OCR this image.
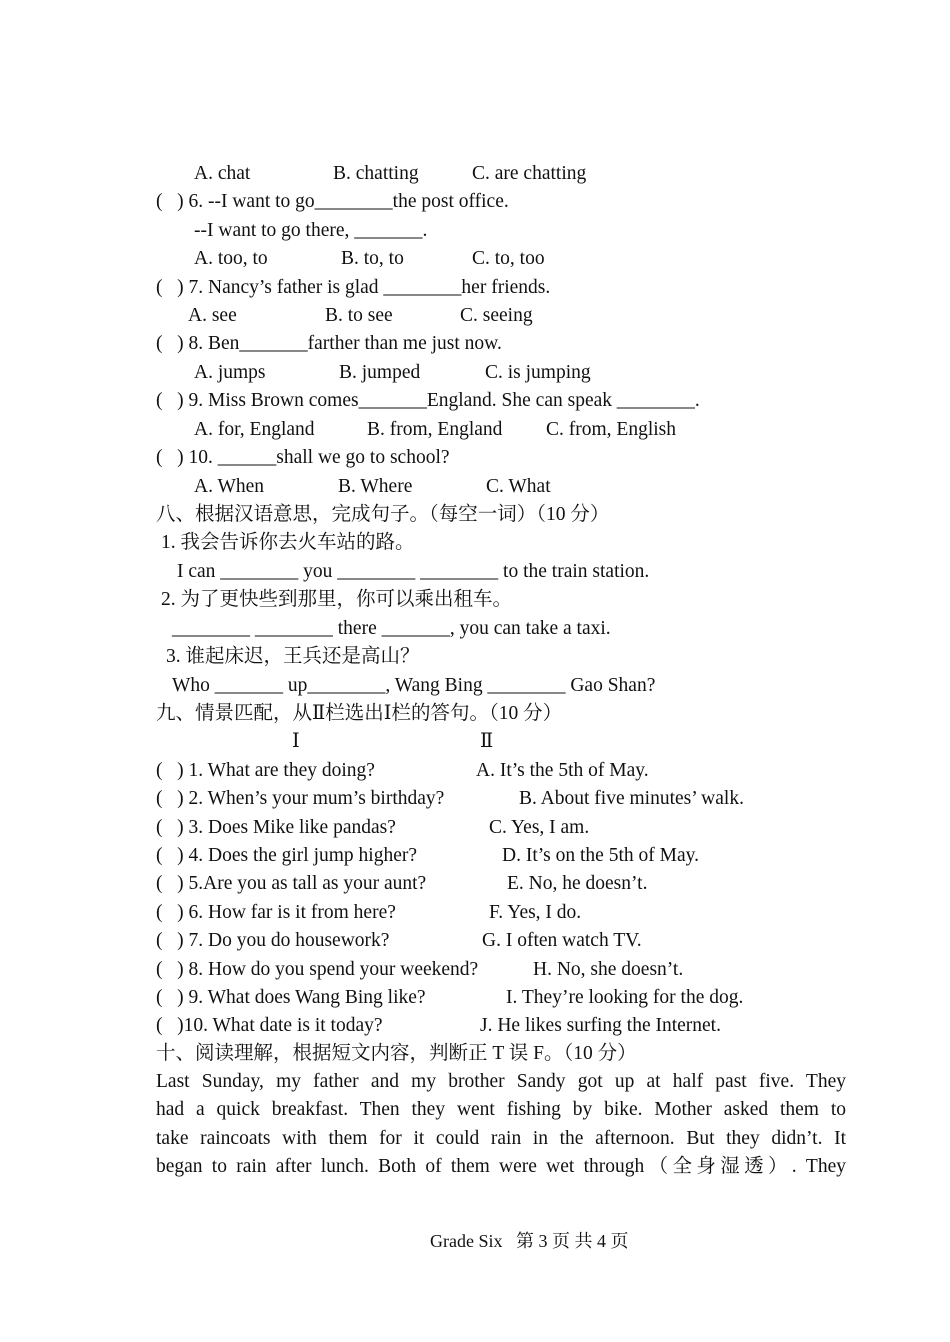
A. chat	B. chatting	C. are chatting
(   ) 6. --I want to go________the post office.
--I want to go there, _______.
A. too, to	B. to, to	C. to, too
(   ) 7. Nancy’s father is glad ________her friends.
A. see	B. to see	C. seeing
(   ) 8. Ben_______farther than me just now.
A. jumps	B. jumped	C. is jumping
(   ) 9. Miss Brown comes_______England. She can speak ________.
A. for, England	B. from, England C. from, English
(   ) 10. ______shall we go to school?
A. When	B. Where	C. What
八、根据汉语意思，完成句子。（每空一词）（10 分）
1. 我会告诉你去火车站的路。
I can ________ you ________ ________ to the train station.
2. 为了更快些到那里，你可以乘出租车。
________ ________ there _______, you can take a taxi.
3. 谁起床迟，王兵还是高山？
Who _______ up________, Wang Bing ________ Gao Shan?
九、情景匹配，从Ⅱ栏选出Ⅰ栏的答句。（10 分）
Ⅰ	Ⅱ
(   ) 1. What are they doing?	A. It’s the 5th of May.
(   ) 2. When’s your mum’s birthday?	B. About five minutes’ walk.
(   ) 3. Does Mike like pandas?	C. Yes, I am.
(   ) 4. Does the girl jump higher?	D. It’s on the 5th of May.
(   ) 5.Are you as tall as your aunt?	E. No, he doesn’t.
(   ) 6. How far is it from here?	F. Yes, I do.
(   ) 7. Do you do housework?	G. I often watch TV.
(   ) 8. How do you spend your weekend?	H. No, she doesn’t.
(   ) 9. What does Wang Bing like?	I. They’re looking for the dog.
(   )10. What date is it today?	J. He likes surfing the Internet.
十、阅读理解，根据短文内容，判断正 T 误 F。（10 分）
Last Sunday, my father and my brother Sandy got up at half past five. They
had a quick breakfast. Then they went fishing by bike. Mother asked them to
take raincoats with them for it could rain in the afternoon. But they didn’t. It
began to rain after lunch. Both of them were wet through（全身湿透）. They
Grade Six   第 3 页 共 4 页
